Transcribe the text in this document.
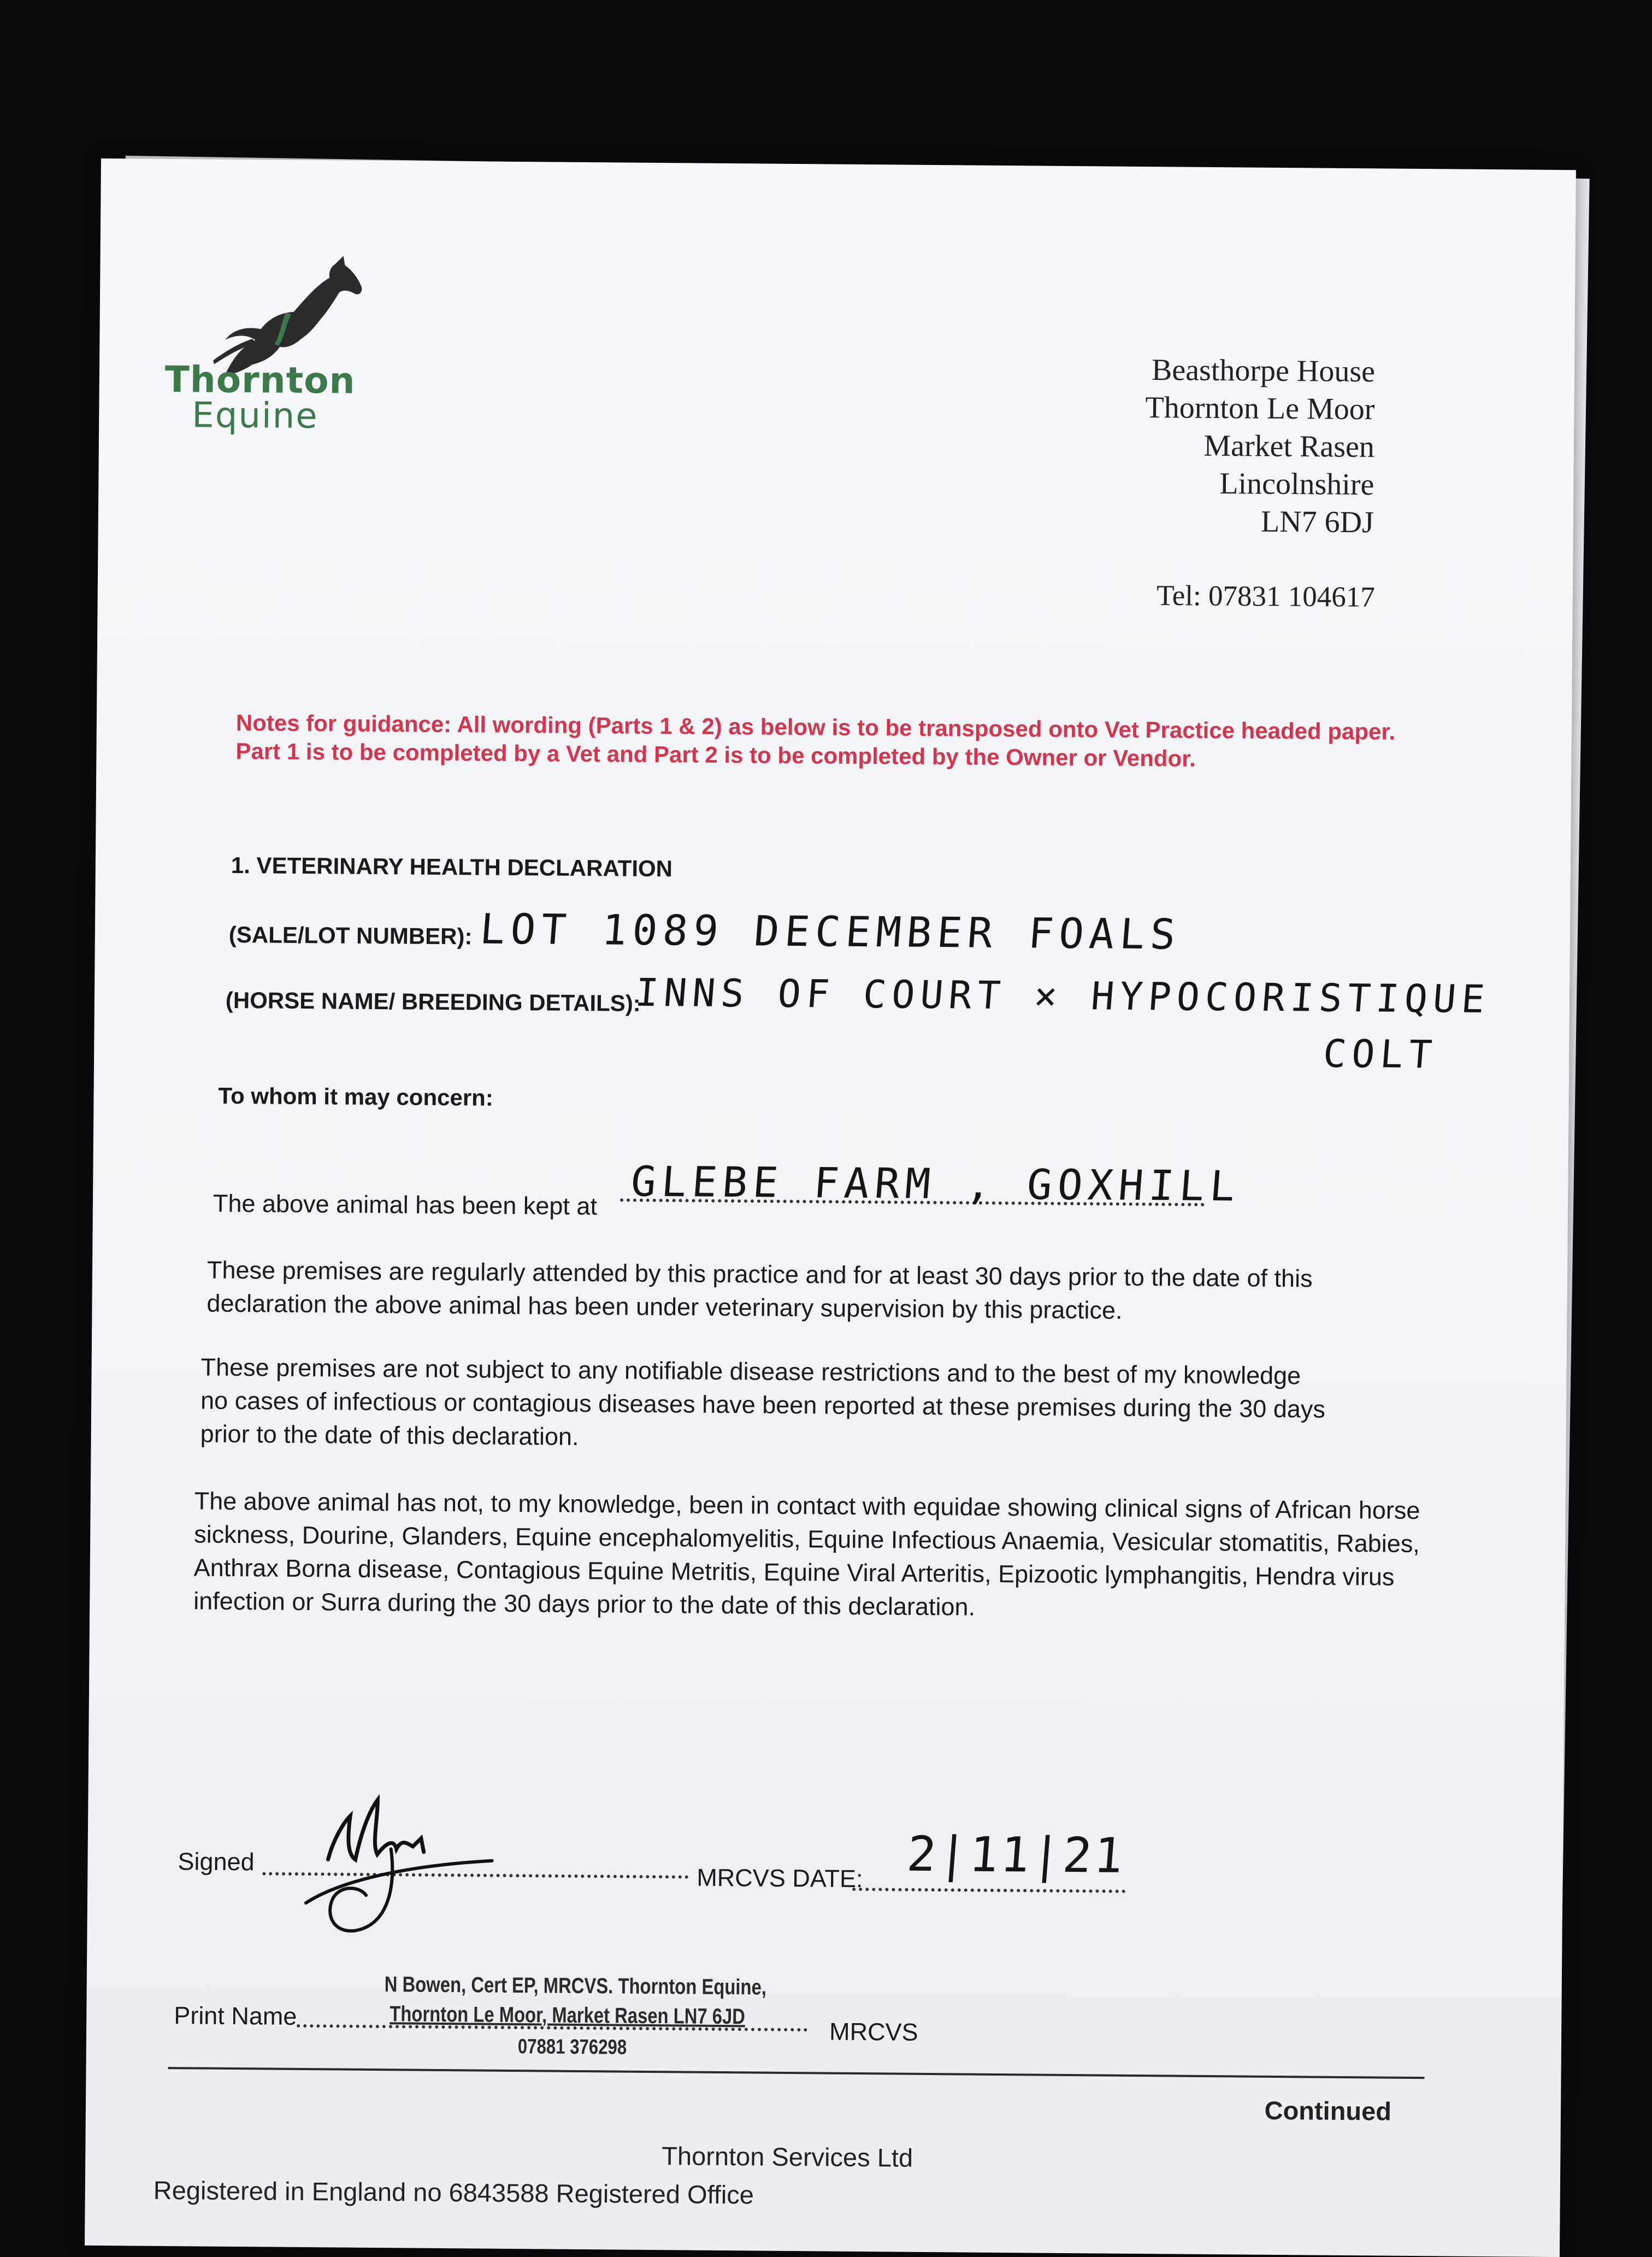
Thornton
Equine
Beasthorpe House
Thornton Le Moor
Market Rasen
Lincolnshire
LN7 6DJ
Tel: 07831 104617
Notes for guidance: All wording (Parts 1 & 2) as below is to be transposed onto Vet Practice headed paper. Part 1 is to be completed by a Vet and Part 2 is to be completed by the Owner or Vendor.
1. VETERINARY HEALTH DECLARATION
(SALE/LOT NUMBER): LOT 1089 DECEMBER FOALS
(HORSE NAME/ BREEDING DETAILS):
INNS OF COURT × HYPOCORISTIQUE
COLT
To whom it may concern:
The above animal has been kept at GLEBE FARM , GOXHILL
These premises are regularly attended by this practice and for at least 30 days prior to the date of this declaration the above animal has been under veterinary supervision by this practice.
These premises are not subject to any notifiable disease restrictions and to the best of my knowledge no cases of infectious or contagious diseases have been reported at these premises during the 30 days prior to the date of this declaration.
The above animal has not, to my knowledge, been in contact with equidae showing clinical signs of African horse sickness, Dourine, Glanders, Equine encephalomyelitis, Equine Infectious Anaemia, Vesicular stomatitis, Rabies, Anthrax Borna disease, Contagious Equine Metritis, Equine Viral Arteritis, Epizootic lymphangitis, Hendra virus infection or Surra during the 30 days prior to the date of this declaration.
Signed
MRCVS DATE: 2|11|21
N Bowen, Cert EP, MRCVS. Thornton Equine,
Print Name	Thornton Le Moor, Market Rasen LN7 6JD
MRCVS
07881 376298
Continued
Thornton Services Ltd
Registered in England no 6843588 Registered Office
